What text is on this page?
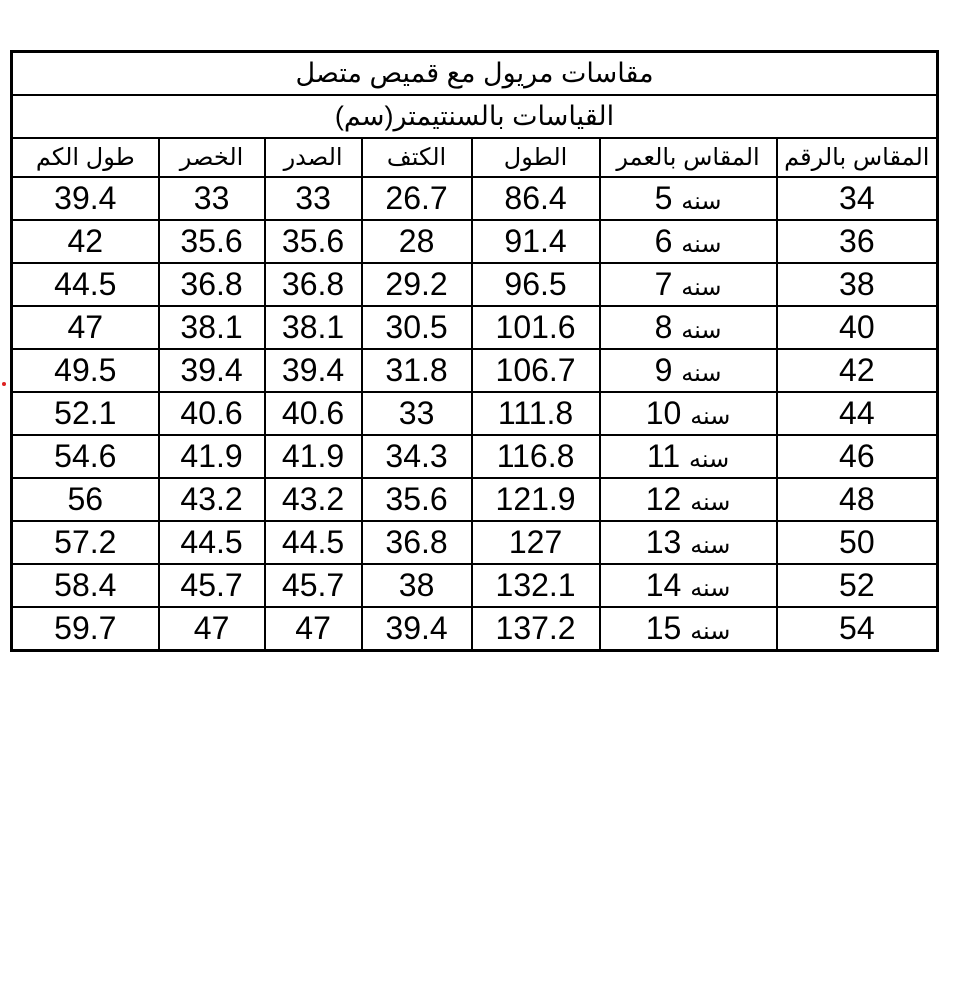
مقاسات مريول مع قميص متصل						
القياسات بالسنتيمتر(سم)						
المقاس بالرقم	المقاس بالعمر	الطول	الكتف	الصدر	الخصر	طول الكم
34	سنه 5	86.4	26.7	33	33	39.4
36	سنه 6	91.4	28	35.6	35.6	42
38	سنه 7	96.5	29.2	36.8	36.8	44.5
40	سنه 8	101.6	30.5	38.1	38.1	47
42	سنه 9	106.7	31.8	39.4	39.4	49.5
44	سنه 10	111.8	33	40.6	40.6	52.1
46	سنه 11	116.8	34.3	41.9	41.9	54.6
48	سنه 12	121.9	35.6	43.2	43.2	56
50	سنه 13	127	36.8	44.5	44.5	57.2
52	سنه 14	132.1	38	45.7	45.7	58.4
54	سنه 15	137.2	39.4	47	47	59.7
